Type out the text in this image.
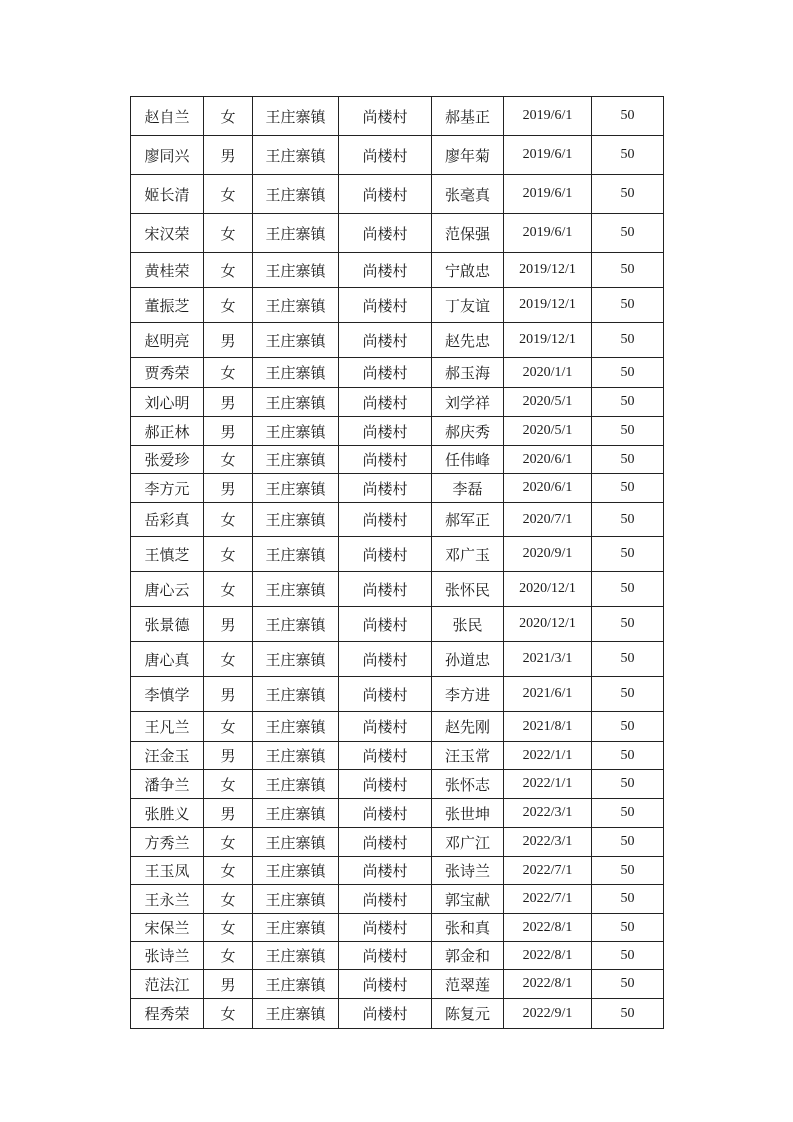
赵自兰	女	王庄寨镇	尚楼村	郝基正	2019/6/1	50
廖同兴	男	王庄寨镇	尚楼村	廖年菊	2019/6/1	50
姬长清	女	王庄寨镇	尚楼村	张毫真	2019/6/1	50
宋汉荣	女	王庄寨镇	尚楼村	范保强	2019/6/1	50
黄桂荣	女	王庄寨镇	尚楼村	宁啟忠	2019/12/1	50
董振芝	女	王庄寨镇	尚楼村	丁友谊	2019/12/1	50
赵明亮	男	王庄寨镇	尚楼村	赵先忠	2019/12/1	50
贾秀荣	女	王庄寨镇	尚楼村	郝玉海	2020/1/1	50
刘心明	男	王庄寨镇	尚楼村	刘学祥	2020/5/1	50
郝正林	男	王庄寨镇	尚楼村	郝庆秀	2020/5/1	50
张爱珍	女	王庄寨镇	尚楼村	任伟峰	2020/6/1	50
李方元	男	王庄寨镇	尚楼村	李磊	2020/6/1	50
岳彩真	女	王庄寨镇	尚楼村	郝军正	2020/7/1	50
王慎芝	女	王庄寨镇	尚楼村	邓广玉	2020/9/1	50
唐心云	女	王庄寨镇	尚楼村	张怀民	2020/12/1	50
张景德	男	王庄寨镇	尚楼村	张民	2020/12/1	50
唐心真	女	王庄寨镇	尚楼村	孙道忠	2021/3/1	50
李慎学	男	王庄寨镇	尚楼村	李方进	2021/6/1	50
王凡兰	女	王庄寨镇	尚楼村	赵先刚	2021/8/1	50
汪金玉	男	王庄寨镇	尚楼村	汪玉常	2022/1/1	50
潘争兰	女	王庄寨镇	尚楼村	张怀志	2022/1/1	50
张胜义	男	王庄寨镇	尚楼村	张世坤	2022/3/1	50
方秀兰	女	王庄寨镇	尚楼村	邓广江	2022/3/1	50
王玉凤	女	王庄寨镇	尚楼村	张诗兰	2022/7/1	50
王永兰	女	王庄寨镇	尚楼村	郭宝献	2022/7/1	50
宋保兰	女	王庄寨镇	尚楼村	张和真	2022/8/1	50
张诗兰	女	王庄寨镇	尚楼村	郭金和	2022/8/1	50
范法江	男	王庄寨镇	尚楼村	范翠莲	2022/8/1	50
程秀荣	女	王庄寨镇	尚楼村	陈复元	2022/9/1	50
